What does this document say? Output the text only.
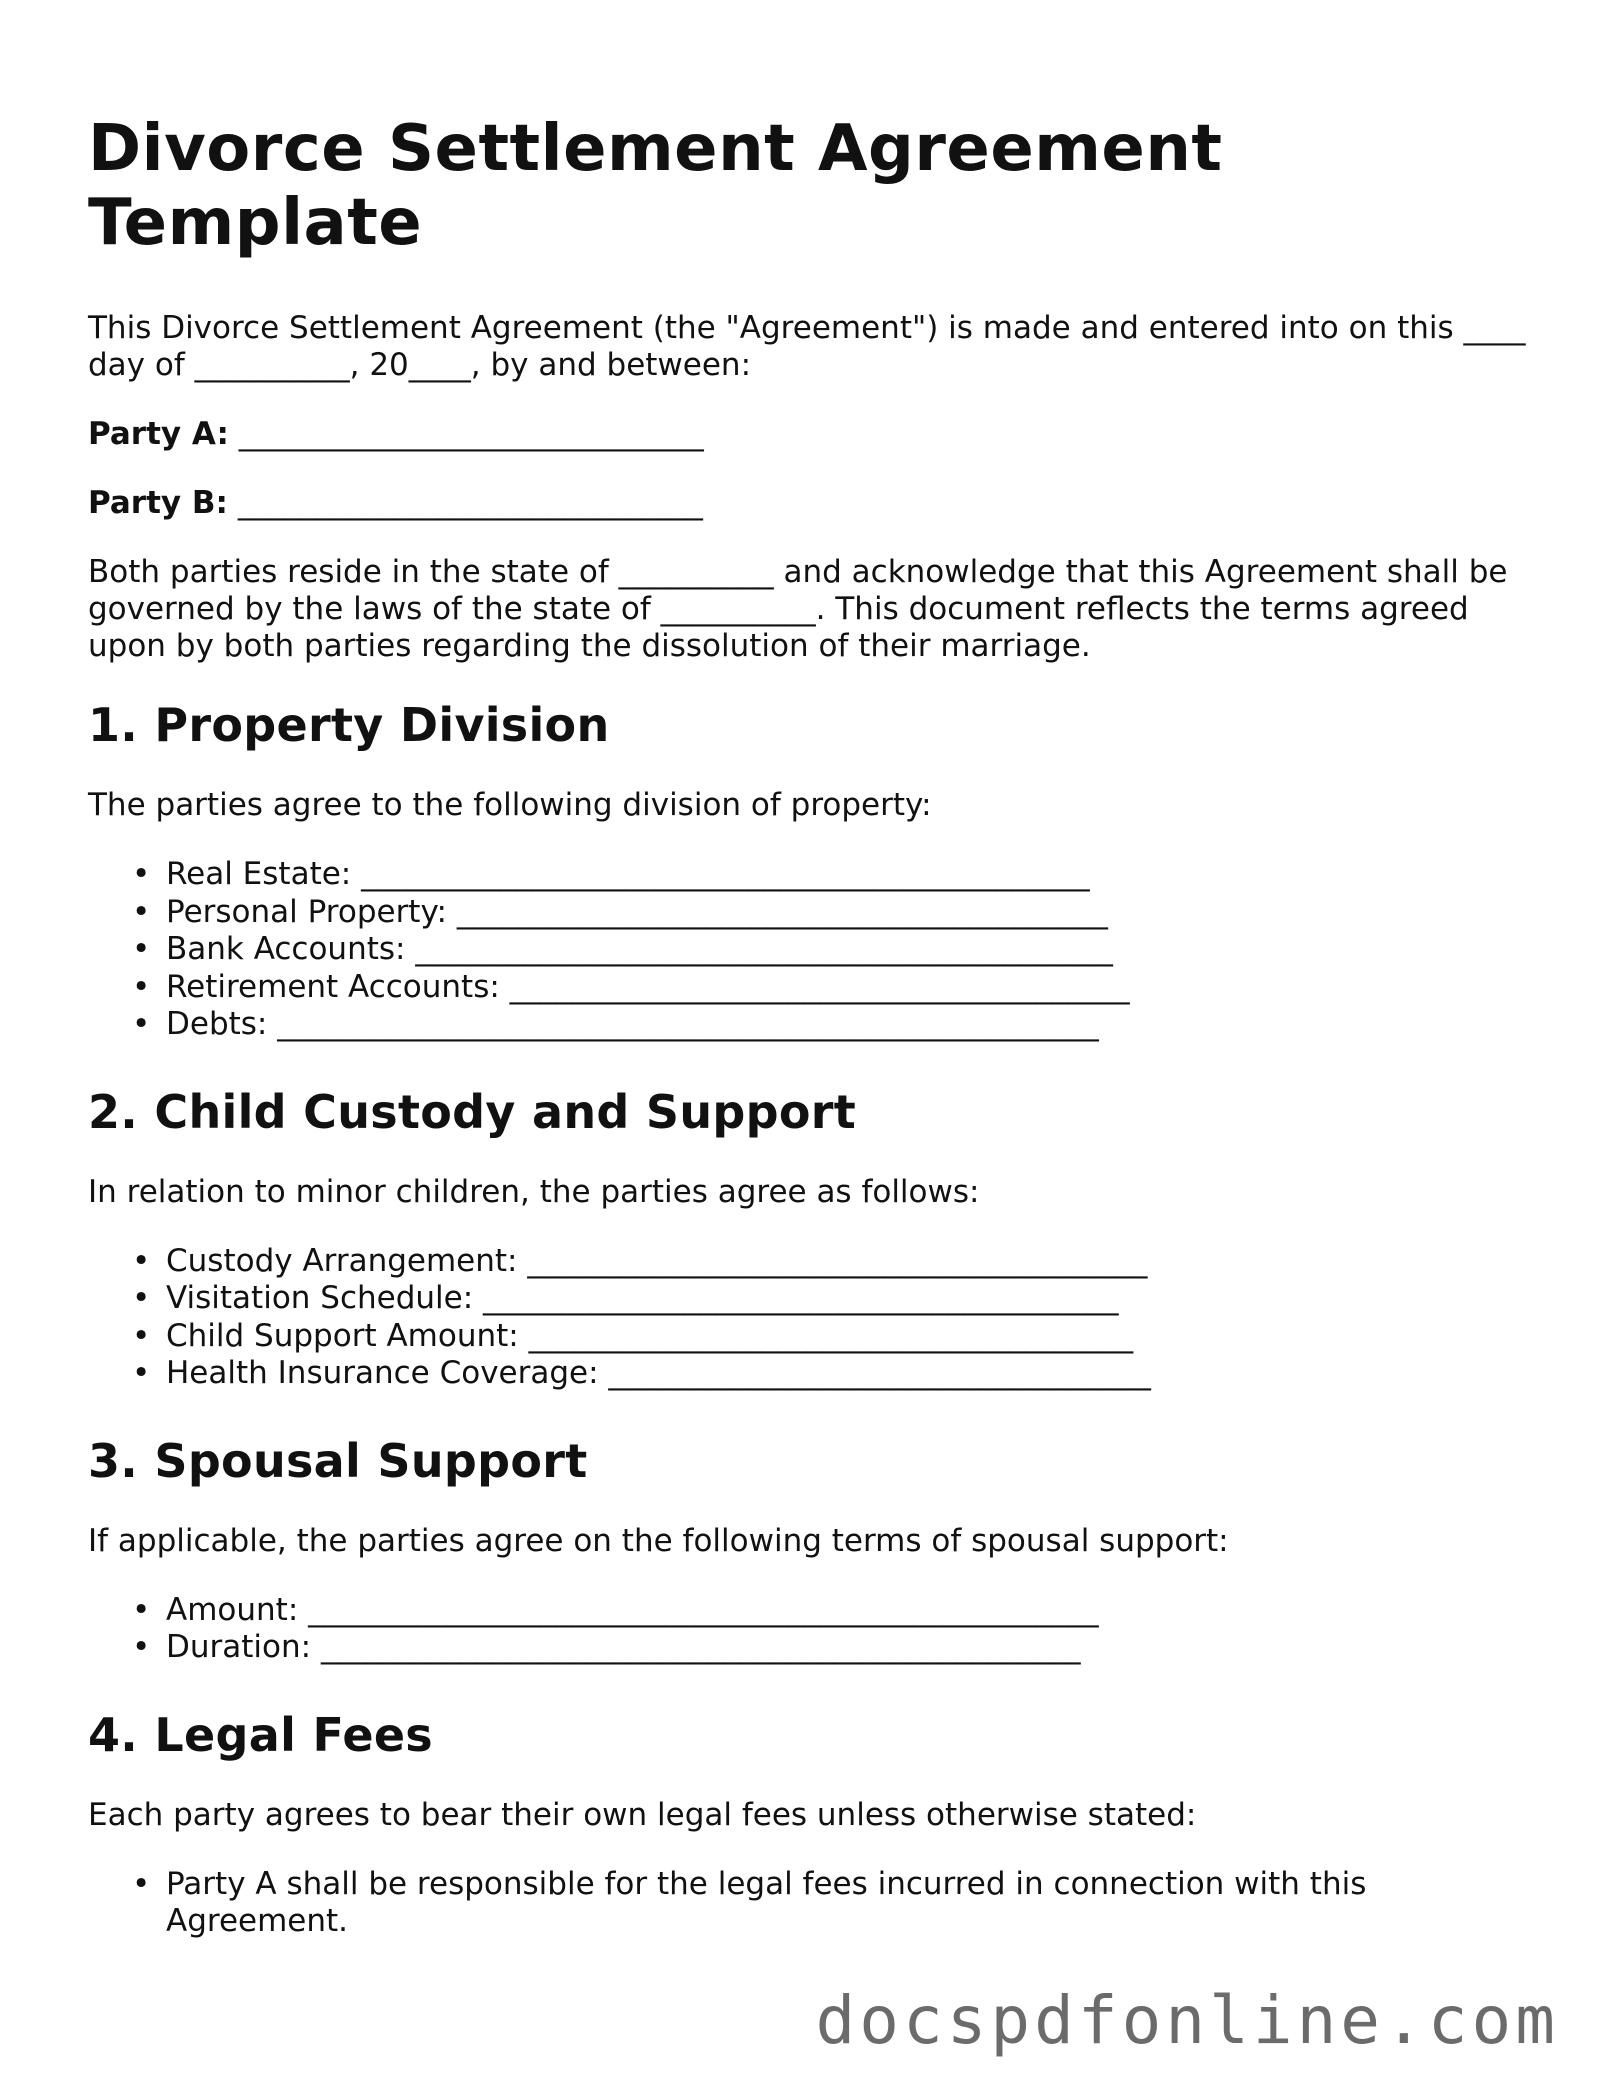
Divorce Settlement Agreement Template

This Divorce Settlement Agreement (the "Agreement") is made and entered into on this ____ day of __________, 20____, by and between:

Party A: ______________________________
Party B: ______________________________

Both parties reside in the state of __________ and acknowledge that this Agreement shall be governed by the laws of the state of __________. This document reflects the terms agreed upon by both parties regarding the dissolution of their marriage.

1. Property Division

The parties agree to the following division of property:

• Real Estate: _______________________________________________
• Personal Property: __________________________________________
• Bank Accounts: _____________________________________________
• Retirement Accounts: ________________________________________
• Debts: _____________________________________________________
2. Child Custody and Support

In relation to minor children, the parties agree as follows:

• Custody Arrangement: ________________________________________
• Visitation Schedule: _________________________________________
• Child Support Amount: _______________________________________
• Health Insurance Coverage: ___________________________________
3. Spousal Support

If applicable, the parties agree on the following terms of spousal support:

• Amount: ___________________________________________________
• Duration: _________________________________________________
4. Legal Fees

Each party agrees to bear their own legal fees unless otherwise stated:

• Party A shall be responsible for the legal fees incurred in connection with this Agreement.
docspdfonline.com
